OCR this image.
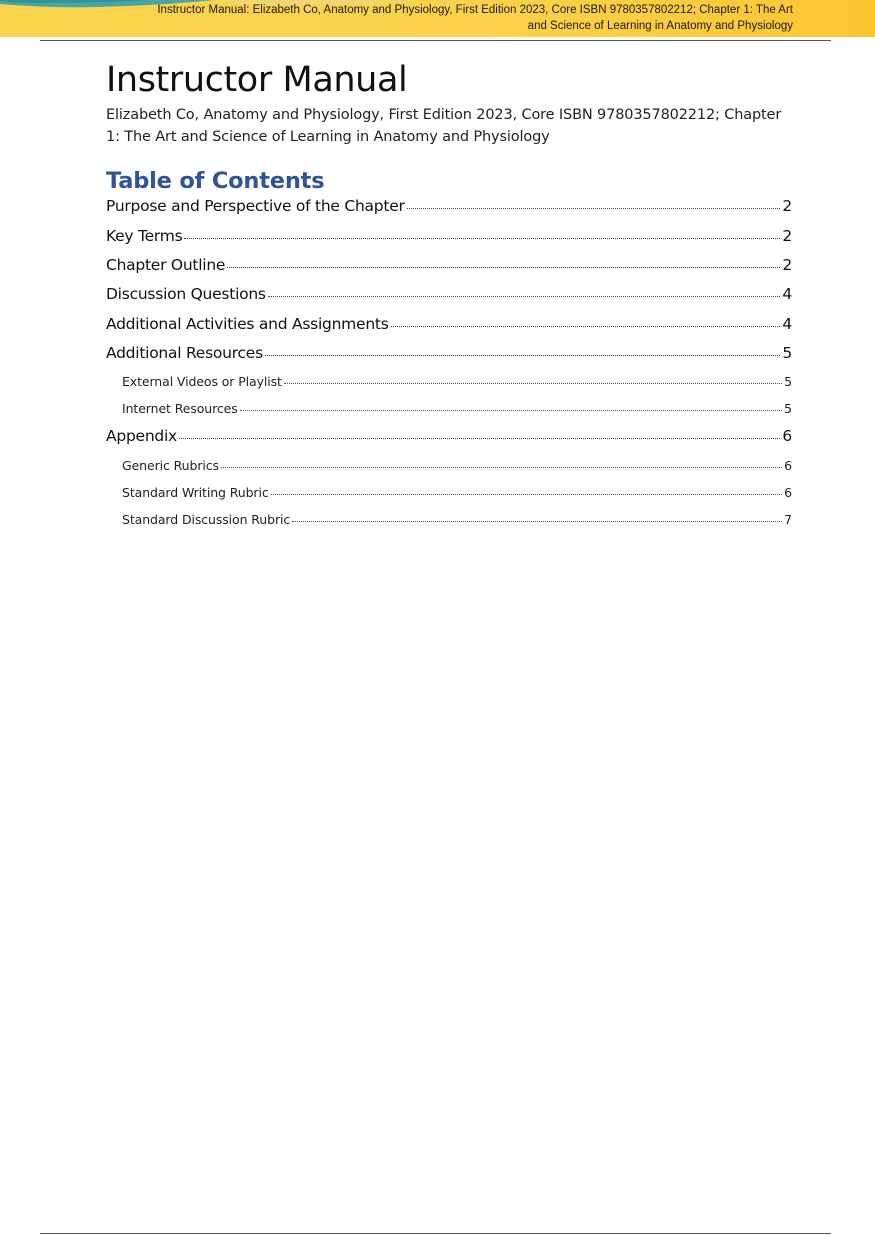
Instructor Manual: Elizabeth Co, Anatomy and Physiology, First Edition 2023, Core ISBN 9780357802212; Chapter 1: The Art
and Science of Learning in Anatomy and Physiology
Instructor Manual

Elizabeth Co, Anatomy and Physiology, First Edition 2023, Core ISBN 9780357802212; Chapter 1: The Art and Science of Learning in Anatomy and Physiology

Table of Contents
Purpose and Perspective of the Chapter	2
Key Terms	2
Chapter Outline	2
Discussion Questions	4
Additional Activities and Assignments	4
Additional Resources	5
External Videos or Playlist	5
Internet Resources	5
Appendix	6
Generic Rubrics	6
Standard Writing Rubric	6
Standard Discussion Rubric	7
